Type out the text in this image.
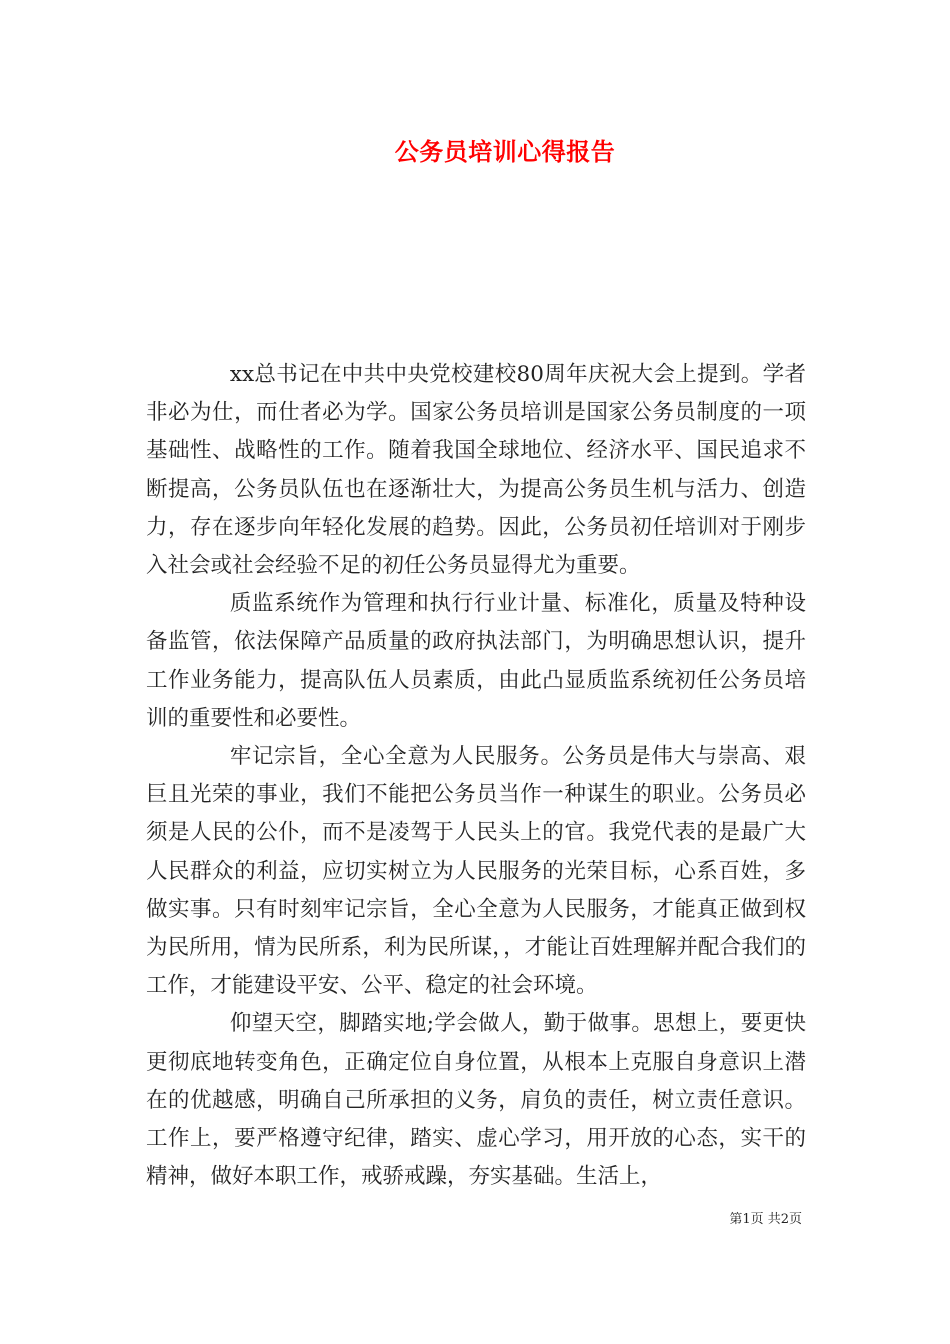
公务员培训心得报告

xx总书记在中共中央党校建校80周年庆祝大会上提到。学者非必为仕，而仕者必为学。国家公务员培训是国家公务员制度的一项基础性、战略性的工作。随着我国全球地位、经济水平、国民追求不断提高，公务员队伍也在逐渐壮大，为提高公务员生机与活力、创造力，存在逐步向年轻化发展的趋势。因此，公务员初任培训对于刚步入社会或社会经验不足的初任公务员显得尤为重要。

质监系统作为管理和执行行业计量、标准化，质量及特种设备监管，依法保障产品质量的政府执法部门，为明确思想认识，提升工作业务能力，提高队伍人员素质，由此凸显质监系统初任公务员培训的重要性和必要性。

牢记宗旨，全心全意为人民服务。公务员是伟大与崇高、艰巨且光荣的事业，我们不能把公务员当作一种谋生的职业。公务员必须是人民的公仆，而不是凌驾于人民头上的官。我党代表的是最广大人民群众的利益，应切实树立为人民服务的光荣目标，心系百姓，多做实事。只有时刻牢记宗旨，全心全意为人民服务，才能真正做到权为民所用，情为民所系，利为民所谋，，才能让百姓理解并配合我们的工作，才能建设平安、公平、稳定的社会环境。

仰望天空，脚踏实地;学会做人，勤于做事。思想上，要更快更彻底地转变角色，正确定位自身位置，从根本上克服自身意识上潜在的优越感，明确自己所承担的义务，肩负的责任，树立责任意识。工作上，要严格遵守纪律，踏实、虚心学习，用开放的心态，实干的精神，做好本职工作，戒骄戒躁，夯实基础。生活上，

第1页 共2页
